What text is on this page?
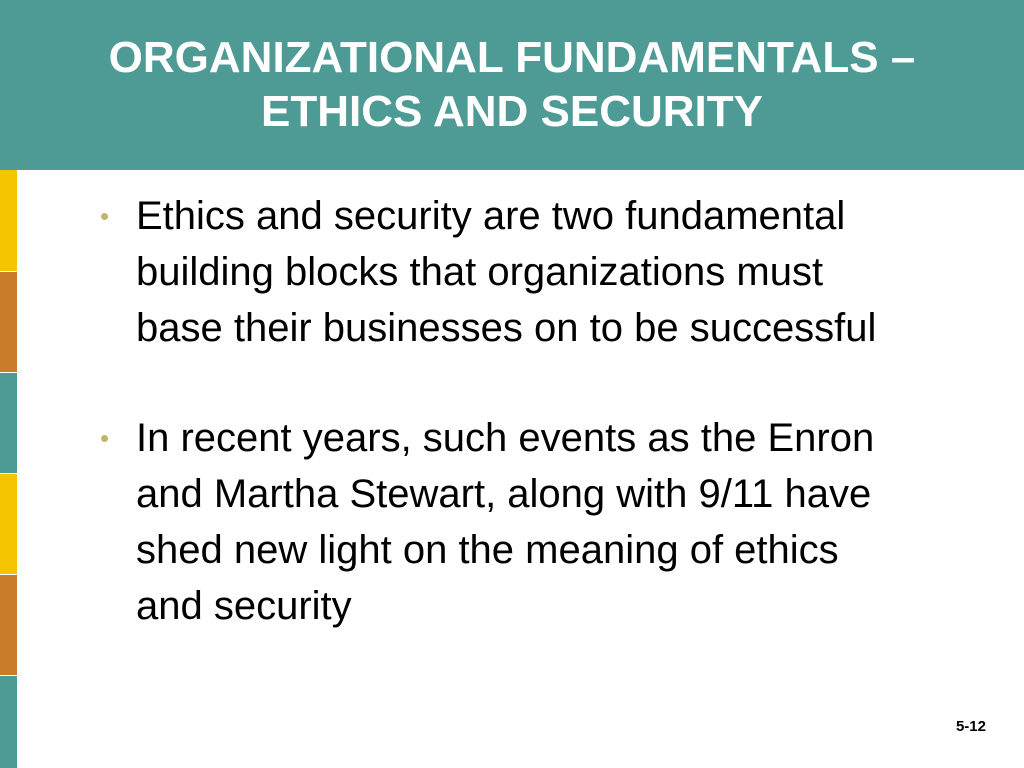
ORGANIZATIONAL FUNDAMENTALS –
ETHICS AND SECURITY
• Ethics and security are two fundamental
building blocks that organizations must
base their businesses on to be successful
• In recent years, such events as the Enron
and Martha Stewart, along with 9/11 have
shed new light on the meaning of ethics
and security
5-12
